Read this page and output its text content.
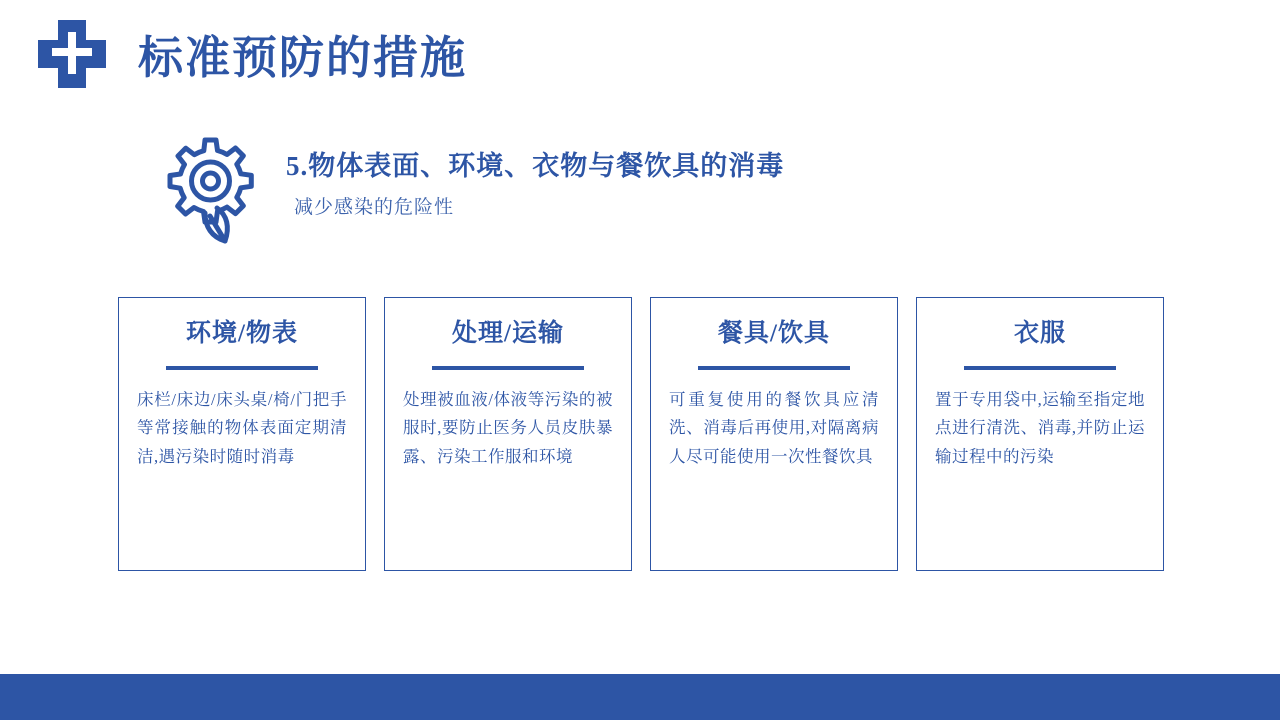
标准预防的措施
5.物体表面、环境、衣物与餐饮具的消毒
减少感染的危险性
环境/物表
床栏/床边/床头桌/椅/门把手等常接触的物体表面定期清洁,遇污染时随时消毒
处理/运输
处理被血液/体液等污染的被服时,要防止医务人员皮肤暴露、污染工作服和环境
餐具/饮具
可重复使用的餐饮具应清洗、消毒后再使用,对隔离病人尽可能使用一次性餐饮具
衣服
置于专用袋中,运输至指定地点进行清洗、消毒,并防止运输过程中的污染
